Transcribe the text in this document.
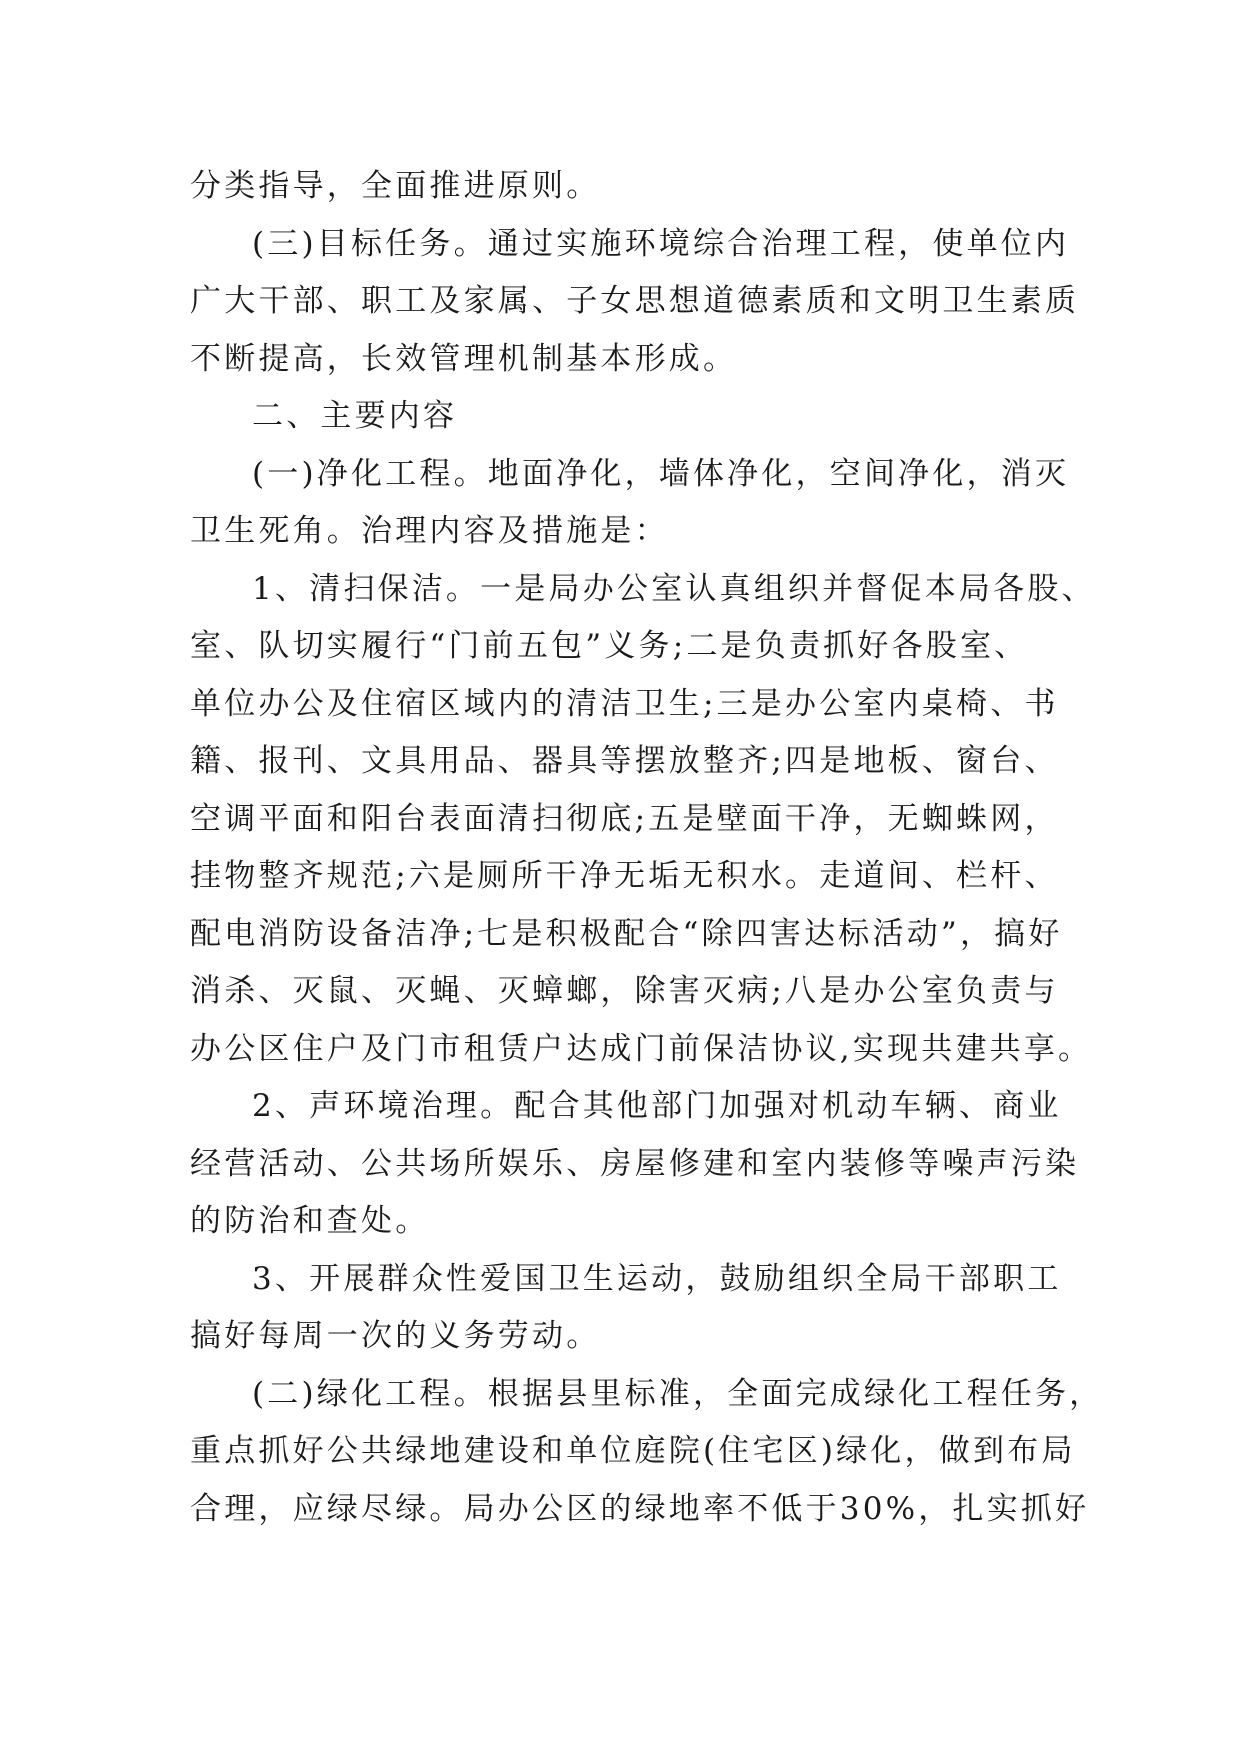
分类指导，全面推进原则。

(三)目标任务。通过实施环境综合治理工程，使单位内

广大干部、职工及家属、子女思想道德素质和文明卫生素质

不断提高，长效管理机制基本形成。

二、主要内容

(一)净化工程。地面净化，墙体净化，空间净化，消灭

卫生死角。治理内容及措施是：

1、清扫保洁。一是局办公室认真组织并督促本局各股、

室、队切实履行“门前五包”义务;二是负责抓好各股室、

单位办公及住宿区域内的清洁卫生;三是办公室内桌椅、书

籍、报刊、文具用品、器具等摆放整齐;四是地板、窗台、

空调平面和阳台表面清扫彻底;五是壁面干净，无蜘蛛网，

挂物整齐规范;六是厕所干净无垢无积水。走道间、栏杆、

配电消防设备洁净;七是积极配合“除四害达标活动”，搞好

消杀、灭鼠、灭蝇、灭蟑螂，除害灭病;八是办公室负责与

办公区住户及门市租赁户达成门前保洁协议,实现共建共享。

2、声环境治理。配合其他部门加强对机动车辆、商业

经营活动、公共场所娱乐、房屋修建和室内装修等噪声污染

的防治和查处。

3、开展群众性爱国卫生运动，鼓励组织全局干部职工

搞好每周一次的义务劳动。

(二)绿化工程。根据县里标准，全面完成绿化工程任务，

重点抓好公共绿地建设和单位庭院(住宅区)绿化，做到布局

合理，应绿尽绿。局办公区的绿地率不低于30%，扎实抓好
